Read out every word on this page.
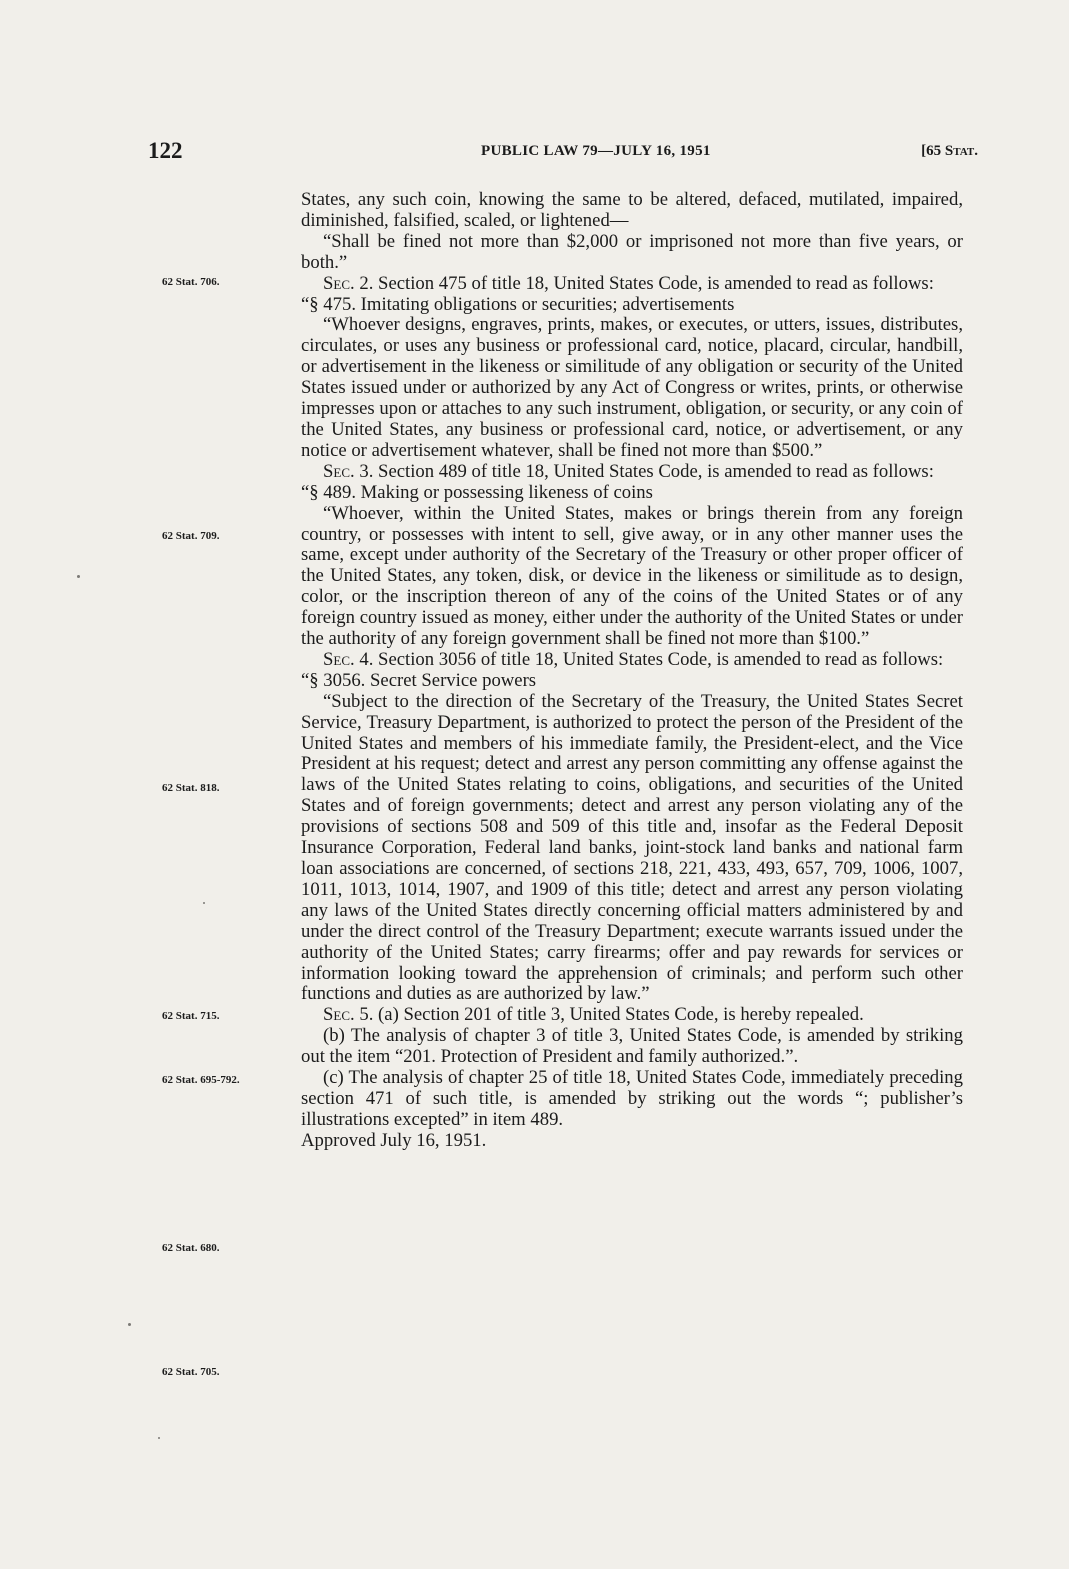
122	PUBLIC LAW 79—JULY 16, 1951	[65 Stat.
62 Stat. 706.
62 Stat. 709.
62 Stat. 818.
62 Stat. 715.
62 Stat. 695-792.
62 Stat. 680.
62 Stat. 705.

States, any such coin, knowing the same to be altered, defaced, mutilated, impaired, diminished, falsified, scaled, or lightened—

“Shall be fined not more than $2,000 or imprisoned not more than five years, or both.”

Sec. 2. Section 475 of title 18, United States Code, is amended to read as follows:

“§ 475. Imitating obligations or securities; advertisements

“Whoever designs, engraves, prints, makes, or executes, or utters, issues, distributes, circulates, or uses any business or professional card, notice, placard, circular, handbill, or advertisement in the likeness or similitude of any obligation or security of the United States issued under or authorized by any Act of Congress or writes, prints, or otherwise impresses upon or attaches to any such instrument, obligation, or security, or any coin of the United States, any business or professional card, notice, or advertisement, or any notice or advertisement whatever, shall be fined not more than $500.”

Sec. 3. Section 489 of title 18, United States Code, is amended to read as follows:

“§ 489. Making or possessing likeness of coins

“Whoever, within the United States, makes or brings therein from any foreign country, or possesses with intent to sell, give away, or in any other manner uses the same, except under authority of the Secretary of the Treasury or other proper officer of the United States, any token, disk, or device in the likeness or similitude as to design, color, or the inscription thereon of any of the coins of the United States or of any foreign country issued as money, either under the authority of the United States or under the authority of any foreign government shall be fined not more than $100.”

Sec. 4. Section 3056 of title 18, United States Code, is amended to read as follows:

“§ 3056. Secret Service powers

“Subject to the direction of the Secretary of the Treasury, the United States Secret Service, Treasury Department, is authorized to protect the person of the President of the United States and members of his immediate family, the President-elect, and the Vice President at his request; detect and arrest any person committing any offense against the laws of the United States relating to coins, obligations, and securities of the United States and of foreign governments; detect and arrest any person violating any of the provisions of sections 508 and 509 of this title and, insofar as the Federal Deposit Insurance Corporation, Federal land banks, joint-stock land banks and national farm loan associations are concerned, of sections 218, 221, 433, 493, 657, 709, 1006, 1007, 1011, 1013, 1014, 1907, and 1909 of this title; detect and arrest any person violating any laws of the United States directly concerning official matters administered by and under the direct control of the Treasury Department; execute warrants issued under the authority of the United States; carry firearms; offer and pay rewards for services or information looking toward the apprehension of criminals; and perform such other functions and duties as are authorized by law.”

Sec. 5. (a) Section 201 of title 3, United States Code, is hereby repealed.

(b) The analysis of chapter 3 of title 3, United States Code, is amended by striking out the item “201. Protection of President and family authorized.”.

(c) The analysis of chapter 25 of title 18, United States Code, immediately preceding section 471 of such title, is amended by striking out the words “; publisher’s illustrations excepted” in item 489.

Approved July 16, 1951.
